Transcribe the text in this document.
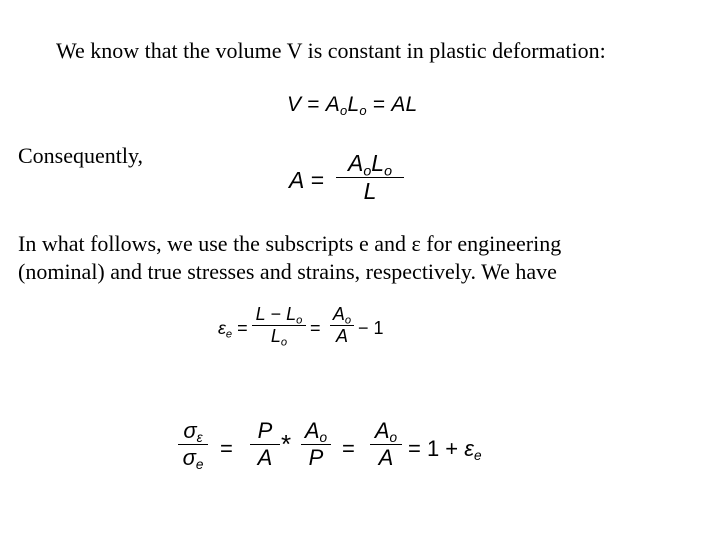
We know that the volume V is constant in plastic deformation:
$V = A_oL_o$ = AL
Consequently,
A =
$A_oL_o$
L
In what follows, we use the subscripts e and ε for engineering
(nominal) and true stresses and strains, respectively. We have
$\varepsilon_e$ =
$L - L_o$
$L_o$
=
$A_o$
A − 1
$\sigma_\varepsilon$
$\sigma_e$
=
P
A * $A_o$
P =
$A_o$
$A = 1 + \varepsilon_e$
